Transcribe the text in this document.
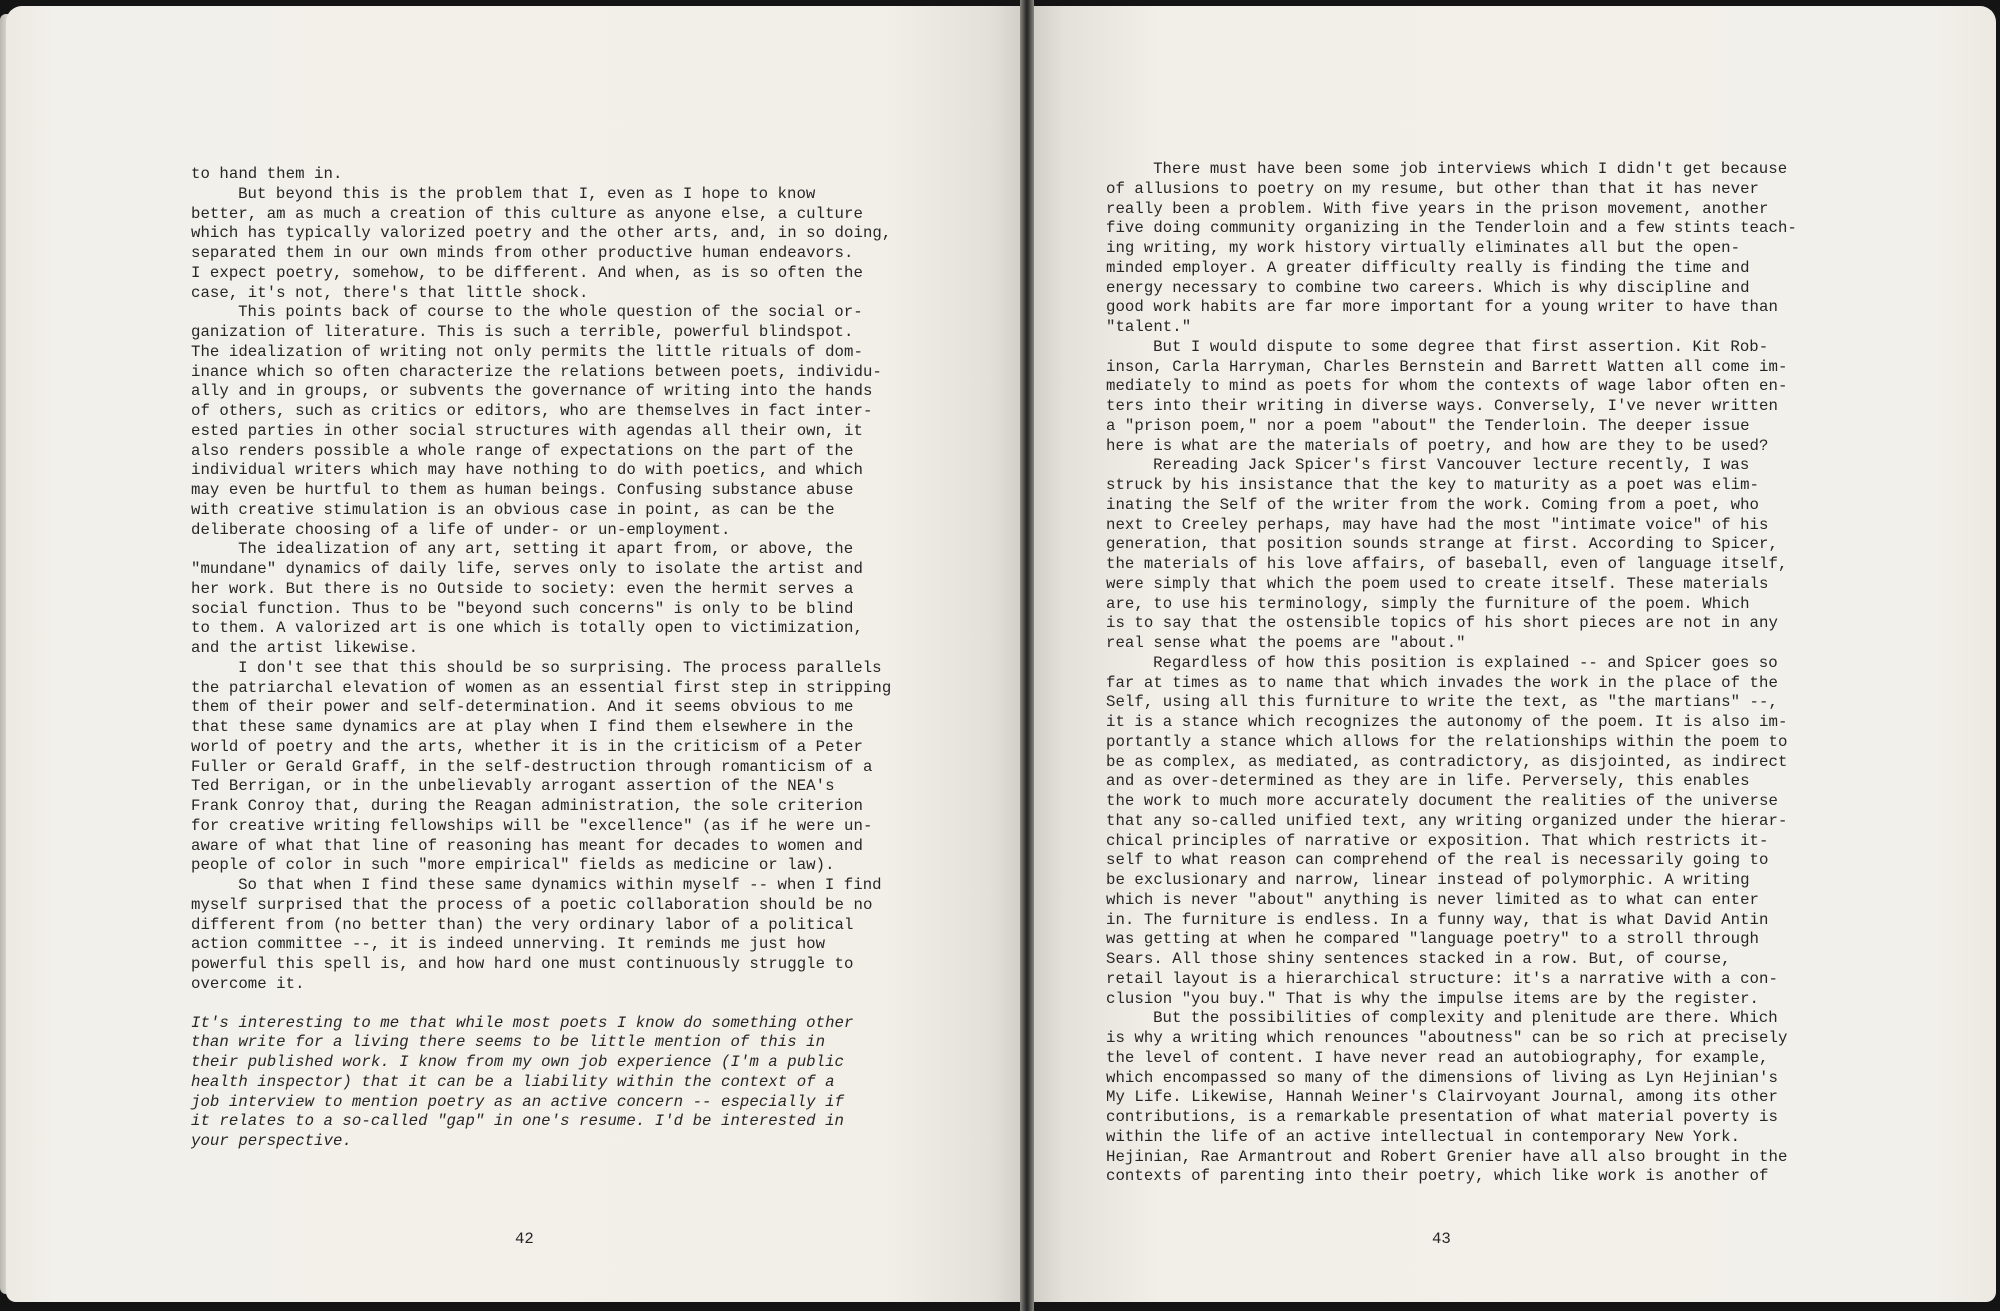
to hand them in.

But beyond this is the problem that I, even as I hope to know

better, am as much a creation of this culture as anyone else, a culture

which has typically valorized poetry and the other arts, and, in so doing,

separated them in our own minds from other productive human endeavors.

I expect poetry, somehow, to be different. And when, as is so often the

case, it's not, there's that little shock.

This points back of course to the whole question of the social or-

ganization of literature. This is such a terrible, powerful blindspot.

The idealization of writing not only permits the little rituals of dom-

inance which so often characterize the relations between poets, individu-

ally and in groups, or subvents the governance of writing into the hands

of others, such as critics or editors, who are themselves in fact inter-

ested parties in other social structures with agendas all their own, it

also renders possible a whole range of expectations on the part of the

individual writers which may have nothing to do with poetics, and which

may even be hurtful to them as human beings. Confusing substance abuse

with creative stimulation is an obvious case in point, as can be the

deliberate choosing of a life of under- or un-employment.

The idealization of any art, setting it apart from, or above, the

"mundane" dynamics of daily life, serves only to isolate the artist and

her work. But there is no Outside to society: even the hermit serves a

social function. Thus to be "beyond such concerns" is only to be blind

to them. A valorized art is one which is totally open to victimization,

and the artist likewise.

I don't see that this should be so surprising. The process parallels

the patriarchal elevation of women as an essential first step in stripping

them of their power and self-determination. And it seems obvious to me

that these same dynamics are at play when I find them elsewhere in the

world of poetry and the arts, whether it is in the criticism of a Peter

Fuller or Gerald Graff, in the self-destruction through romanticism of a

Ted Berrigan, or in the unbelievably arrogant assertion of the NEA's

Frank Conroy that, during the Reagan administration, the sole criterion

for creative writing fellowships will be "excellence" (as if he were un-

aware of what that line of reasoning has meant for decades to women and

people of color in such "more empirical" fields as medicine or law).

So that when I find these same dynamics within myself -- when I find

myself surprised that the process of a poetic collaboration should be no

different from (no better than) the very ordinary labor of a political

action committee --, it is indeed unnerving. It reminds me just how

powerful this spell is, and how hard one must continuously struggle to

overcome it.

It's interesting to me that while most poets I know do something other

than write for a living there seems to be little mention of this in

their published work. I know from my own job experience (I'm a public

health inspector) that it can be a liability within the context of a

job interview to mention poetry as an active concern -- especially if

it relates to a so-called "gap" in one's resume. I'd be interested in

your perspective.

There must have been some job interviews which I didn't get because

of allusions to poetry on my resume, but other than that it has never

really been a problem. With five years in the prison movement, another

five doing community organizing in the Tenderloin and a few stints teach-

ing writing, my work history virtually eliminates all but the open-

minded employer. A greater difficulty really is finding the time and

energy necessary to combine two careers. Which is why discipline and

good work habits are far more important for a young writer to have than

"talent."

But I would dispute to some degree that first assertion. Kit Rob-

inson, Carla Harryman, Charles Bernstein and Barrett Watten all come im-

mediately to mind as poets for whom the contexts of wage labor often en-

ters into their writing in diverse ways. Conversely, I've never written

a "prison poem," nor a poem "about" the Tenderloin. The deeper issue

here is what are the materials of poetry, and how are they to be used?

Rereading Jack Spicer's first Vancouver lecture recently, I was

struck by his insistance that the key to maturity as a poet was elim-

inating the Self of the writer from the work. Coming from a poet, who

next to Creeley perhaps, may have had the most "intimate voice" of his

generation, that position sounds strange at first. According to Spicer,

the materials of his love affairs, of baseball, even of language itself,

were simply that which the poem used to create itself. These materials

are, to use his terminology, simply the furniture of the poem. Which

is to say that the ostensible topics of his short pieces are not in any

real sense what the poems are "about."

Regardless of how this position is explained -- and Spicer goes so

far at times as to name that which invades the work in the place of the

Self, using all this furniture to write the text, as "the martians" --,

it is a stance which recognizes the autonomy of the poem. It is also im-

portantly a stance which allows for the relationships within the poem to

be as complex, as mediated, as contradictory, as disjointed, as indirect

and as over-determined as they are in life. Perversely, this enables

the work to much more accurately document the realities of the universe

that any so-called unified text, any writing organized under the hierar-

chical principles of narrative or exposition. That which restricts it-

self to what reason can comprehend of the real is necessarily going to

be exclusionary and narrow, linear instead of polymorphic. A writing

which is never "about" anything is never limited as to what can enter

in. The furniture is endless. In a funny way, that is what David Antin

was getting at when he compared "language poetry" to a stroll through

Sears. All those shiny sentences stacked in a row. But, of course,

retail layout is a hierarchical structure: it's a narrative with a con-

clusion "you buy." That is why the impulse items are by the register.

But the possibilities of complexity and plenitude are there. Which

is why a writing which renounces "aboutness" can be so rich at precisely

the level of content. I have never read an autobiography, for example,

which encompassed so many of the dimensions of living as Lyn Hejinian's

My Life. Likewise, Hannah Weiner's Clairvoyant Journal, among its other

contributions, is a remarkable presentation of what material poverty is

within the life of an active intellectual in contemporary New York.

Hejinian, Rae Armantrout and Robert Grenier have all also brought in the

contexts of parenting into their poetry, which like work is another of

42	43
